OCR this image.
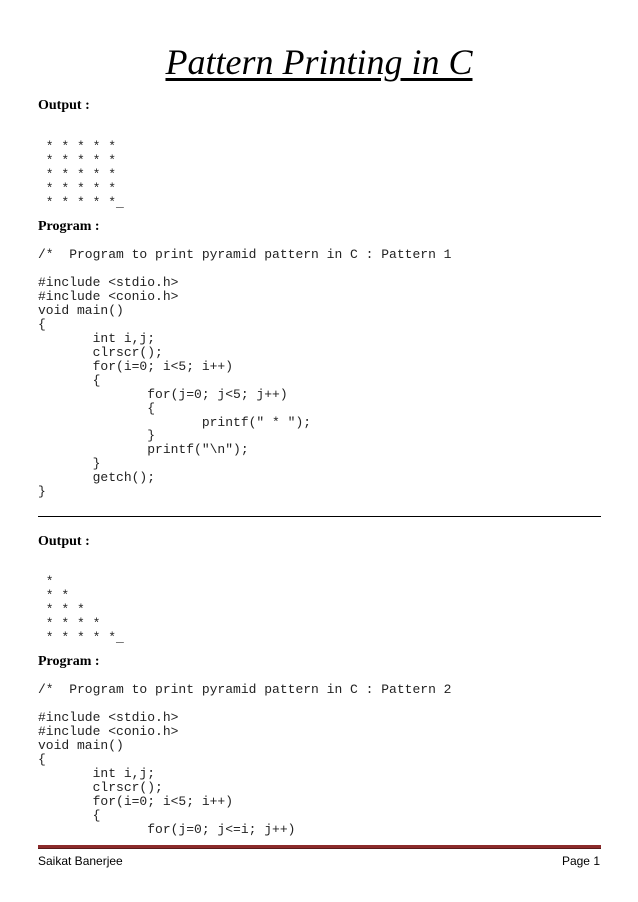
Pattern Printing in C
Output :
* * * * *
* * * * *
* * * * *
* * * * *
* * * * *_
Program :
/*  Program to print pyramid pattern in C : Pattern 1
#include <stdio.h>
#include <conio.h>
void main()
{
int i,j;
clrscr();
for(i=0; i<5; i++)
{
for(j=0; j<5; j++)
{
printf(" * ");
}
printf("\n");
}
getch();
}
Output :
*
* *
* * *
* * * *
* * * * *_
Program :
/*  Program to print pyramid pattern in C : Pattern 2
#include <stdio.h>
#include <conio.h>
void main()
{
int i,j;
clrscr();
for(i=0; i<5; i++)
{
for(j=0; j<=i; j++)
Saikat Banerjee	Page 1
